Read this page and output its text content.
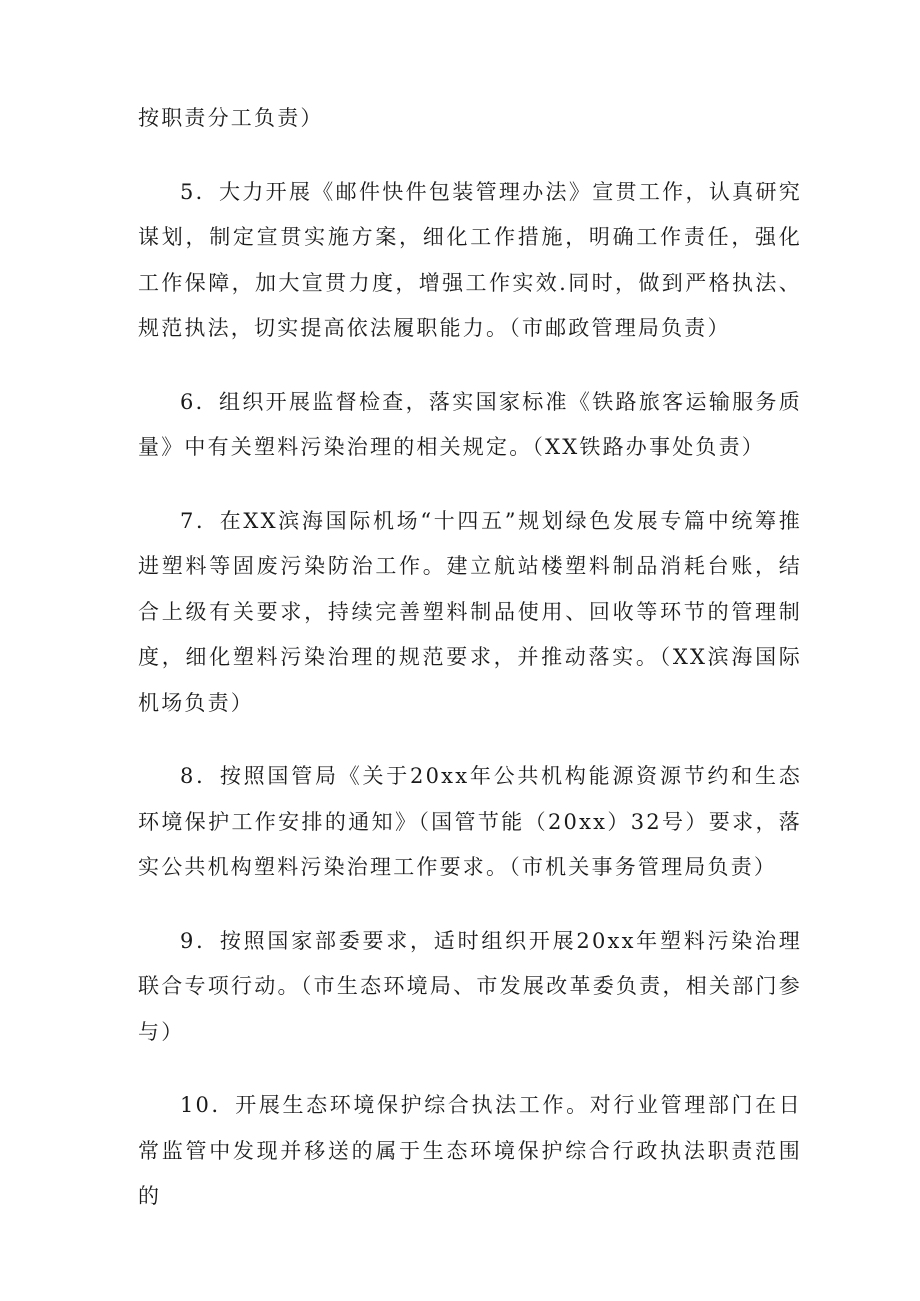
按职责分工负责）

5．大力开展《邮件快件包装管理办法》宣贯工作，认真研究谋划，制定宣贯实施方案，细化工作措施，明确工作责任，强化工作保障，加大宣贯力度，增强工作实效.同时，做到严格执法、规范执法，切实提高依法履职能力。（市邮政管理局负责）

6．组织开展监督检查，落实国家标准《铁路旅客运输服务质量》中有关塑料污染治理的相关规定。（XX铁路办事处负责）

7．在XX滨海国际机场“十四五”规划绿色发展专篇中统筹推进塑料等固废污染防治工作。建立航站楼塑料制品消耗台账，结合上级有关要求，持续完善塑料制品使用、回收等环节的管理制度，细化塑料污染治理的规范要求，并推动落实。（XX滨海国际机场负责）

8．按照国管局《关于20xx年公共机构能源资源节约和生态环境保护工作安排的通知》（国管节能（20xx）32号）要求，落实公共机构塑料污染治理工作要求。（市机关事务管理局负责）

9．按照国家部委要求，适时组织开展20xx年塑料污染治理联合专项行动。（市生态环境局、市发展改革委负责，相关部门参与）

10．开展生态环境保护综合执法工作。对行业管理部门在日常监管中发现并移送的属于生态环境保护综合行政执法职责范围的
